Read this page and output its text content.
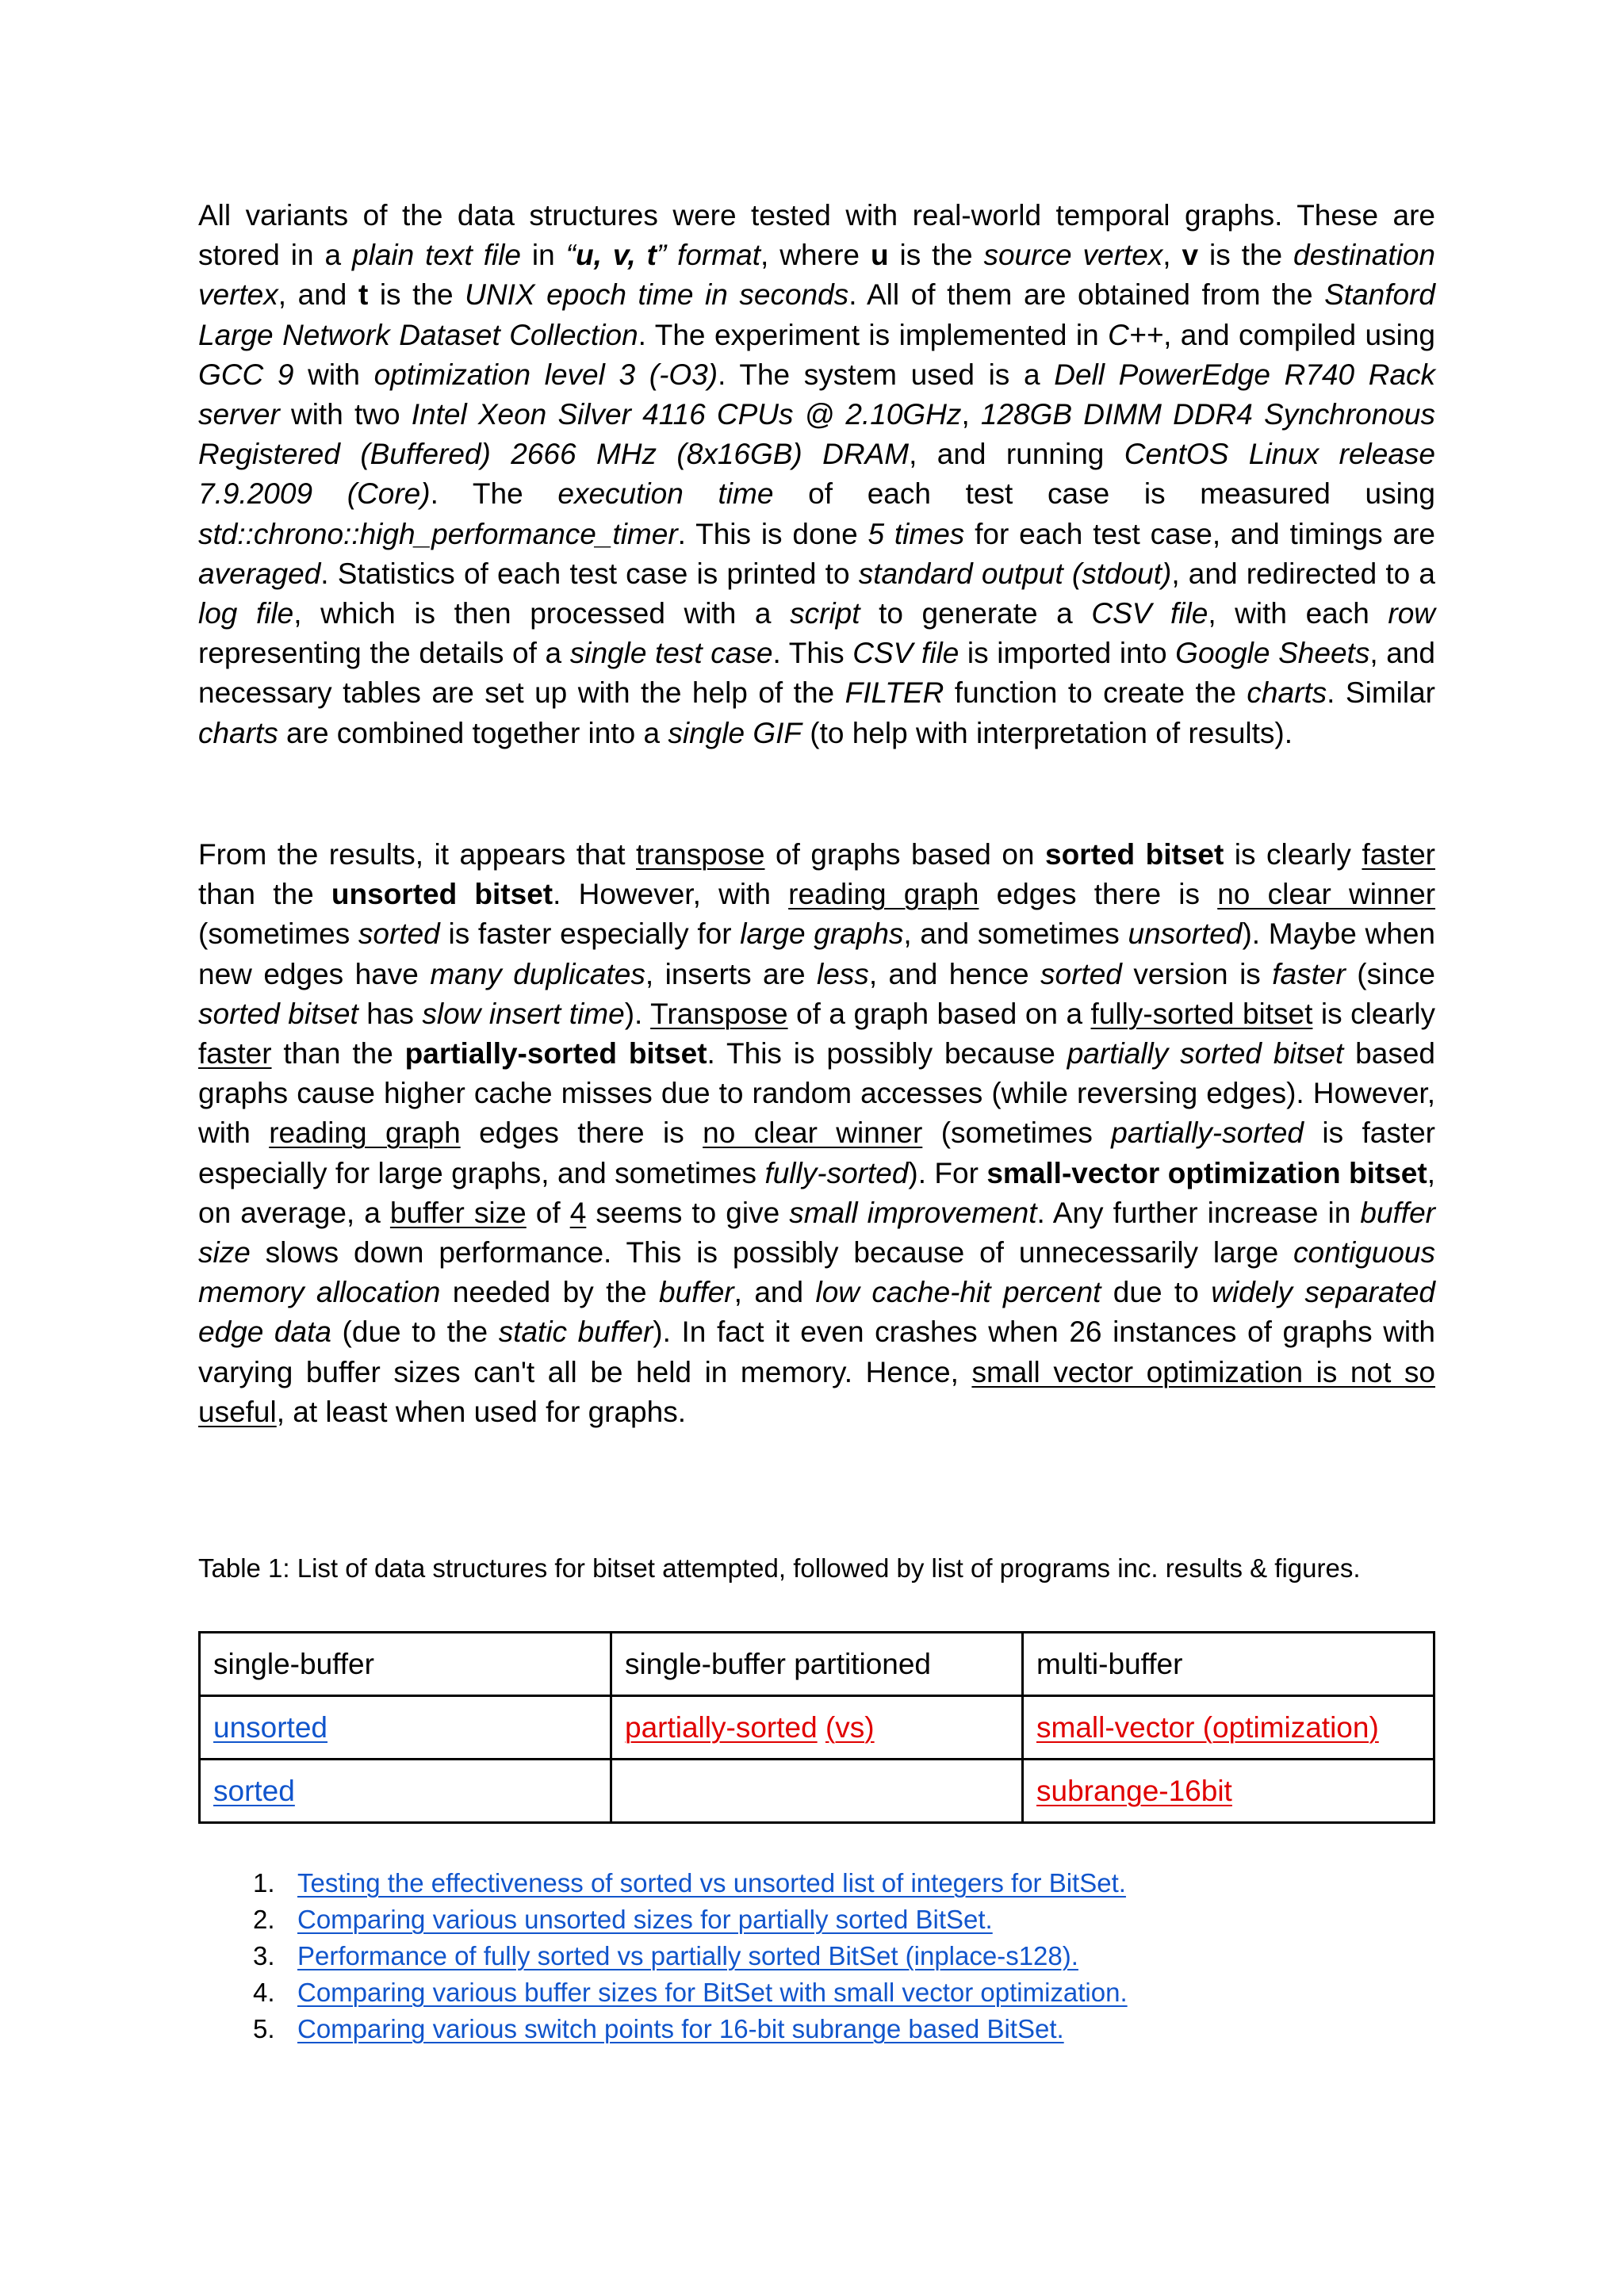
All variants of the data structures were tested with real-world temporal graphs. These are stored in a plain text file in “u, v, t” format, where u is the source vertex, v is the destination vertex, and t is the UNIX epoch time in seconds. All of them are obtained from the Stanford Large Network Dataset Collection. The experiment is implemented in C++, and compiled using GCC 9 with optimization level 3 (-O3). The system used is a Dell PowerEdge R740 Rack server with two Intel Xeon Silver 4116 CPUs @ 2.10GHz, 128GB DIMM DDR4 Synchronous Registered (Buffered) 2666 MHz (8x16GB) DRAM, and running CentOS Linux release 7.9.2009 (Core). The execution time of each test case is measured using std::chrono::high_performance_timer. This is done 5 times for each test case, and timings are averaged. Statistics of each test case is printed to standard output (stdout), and redirected to a log file, which is then processed with a script to generate a CSV file, with each row representing the details of a single test case. This CSV file is imported into Google Sheets, and necessary tables are set up with the help of the FILTER function to create the charts. Similar charts are combined together into a single GIF (to help with interpretation of results).

From the results, it appears that transpose of graphs based on sorted bitset is clearly faster than the unsorted bitset. However, with reading graph edges there is no clear winner (sometimes sorted is faster especially for large graphs, and sometimes unsorted). Maybe when new edges have many duplicates, inserts are less, and hence sorted version is faster (since sorted bitset has slow insert time). Transpose of a graph based on a fully-sorted bitset is clearly faster than the partially-sorted bitset. This is possibly because partially sorted bitset based graphs cause higher cache misses due to random accesses (while reversing edges). However, with reading graph edges there is no clear winner (sometimes partially-sorted is faster especially for large graphs, and sometimes fully-sorted). For small-vector optimization bitset, on average, a buffer size of 4 seems to give small improvement. Any further increase in buffer size slows down performance. This is possibly because of unnecessarily large contiguous memory allocation needed by the buffer, and low cache-hit percent due to widely separated edge data (due to the static buffer). In fact it even crashes when 26 instances of graphs with varying buffer sizes can't all be held in memory. Hence, small vector optimization is not so useful, at least when used for graphs.

Table 1: List of data structures for bitset attempted, followed by list of programs inc. results & figures.

single-buffer	single-buffer partitioned	multi-buffer
unsorted	partially-sorted (vs)	small-vector (optimization)
sorted		subrange-16bit
1. Testing the effectiveness of sorted vs unsorted list of integers for BitSet.
2. Comparing various unsorted sizes for partially sorted BitSet.
3. Performance of fully sorted vs partially sorted BitSet (inplace-s128).
4. Comparing various buffer sizes for BitSet with small vector optimization.
5. Comparing various switch points for 16-bit subrange based BitSet.
